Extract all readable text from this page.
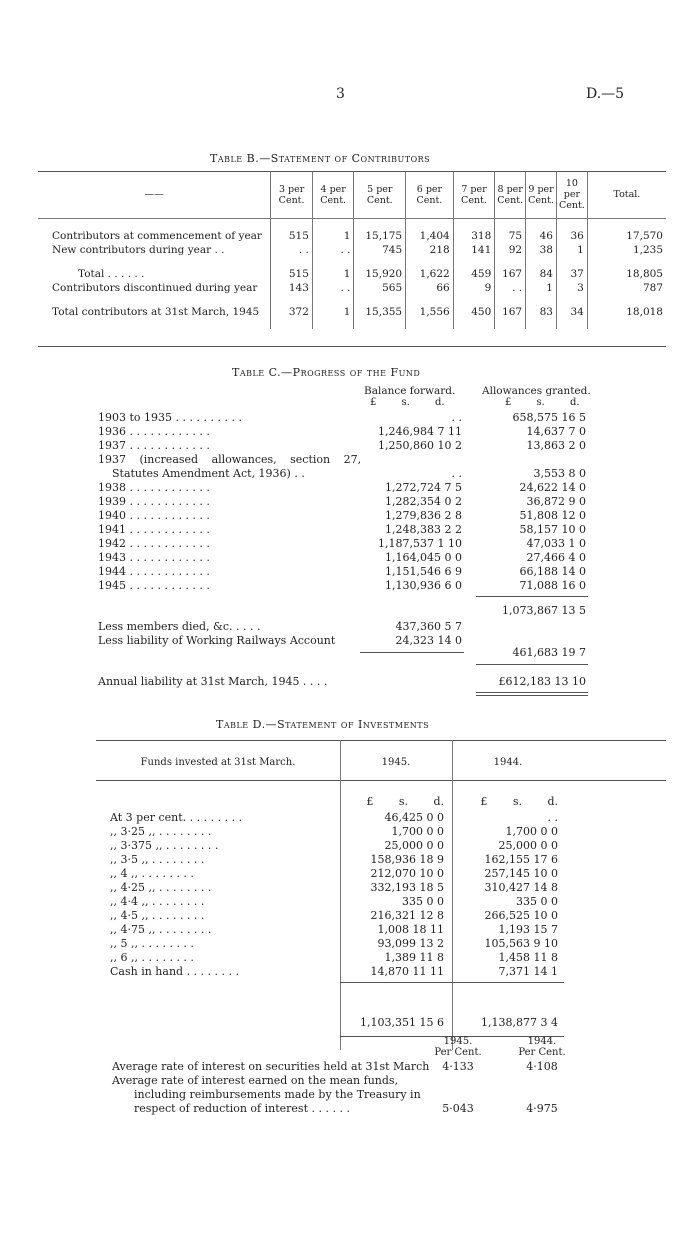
3	D.—5
Table B.—Statement of Contributors
——	3 per Cent.	4 per Cent.	5 per Cent.	6 per Cent.	7 per Cent.	8 per Cent.	9 per Cent.	10 per Cent.	Total.

Contributors at commencement of year	515	1	15,175	1,404	318	75	46	36	17,570
New contributors during year . .	. .	. .	745	218	141	92	38	1	1,235

Total . . . . . .	515	1	15,920	1,622	459	167	84	37	18,805
Contributors discontinued during year	143	. .	565	66	9	. .	1	3	787

Total contributors at 31st March, 1945	372	1	15,355	1,556	450	167	83	34	18,018

Table C.—Progress of the Fund
Balance forward.	Allowances granted.
£ s. d.	£ s. d.
1903 to 1935 . . . . . . . . . .	. .	658,575 16 5
1936 . . . . . . . . . . . .	1,246,984 7 11	14,637 7 0
1937 . . . . . . . . . . . .	1,250,860 10 2	13,863 2 0
1937 (increased allowances, section 27,
Statutes Amendment Act, 1936) . .	. .	3,553 8 0
1938 . . . . . . . . . . . .	1,272,724 7 5	24,622 14 0
1939 . . . . . . . . . . . .	1,282,354 0 2	36,872 9 0
1940 . . . . . . . . . . . .	1,279,836 2 8	51,808 12 0
1941 . . . . . . . . . . . .	1,248,383 2 2	58,157 10 0
1942 . . . . . . . . . . . .	1,187,537 1 10	47,033 1 0
1943 . . . . . . . . . . . .	1,164,045 0 0	27,466 4 0
1944 . . . . . . . . . . . .	1,151,546 6 9	66,188 14 0
1945 . . . . . . . . . . . .	1,130,936 6 0	71,088 16 0
1,073,867 13 5
Less members died, &c. . . . .	437,360 5 7
Less liability of Working Railways Account	24,323 14 0
461,683 19 7
Annual liability at 31st March, 1945 . . . .	£612,183 13 10
Table D.—Statement of Investments
Funds invested at 31st March.	1945.	1944.
£ s. d.	£ s. d.
At 3 per cent. . . . . . . . .	46,425 0 0	. .
,, 3·25 ,, . . . . . . . .	1,700 0 0	1,700 0 0
,, 3·375 ,, . . . . . . . .	25,000 0 0	25,000 0 0
,, 3·5 ,, . . . . . . . .	158,936 18 9	162,155 17 6
,, 4 ,, . . . . . . . .	212,070 10 0	257,145 10 0
,, 4·25 ,, . . . . . . . .	332,193 18 5	310,427 14 8
,, 4·4 ,, . . . . . . . .	335 0 0	335 0 0
,, 4·5 ,, . . . . . . . .	216,321 12 8	266,525 10 0
,, 4·75 ,, . . . . . . . .	1,008 18 11	1,193 15 7
,, 5 ,, . . . . . . . .	93,099 13 2	105,563 9 10
,, 6 ,, . . . . . . . .	1,389 11 8	1,458 11 8
Cash in hand . . . . . . . .	14,870 11 11	7,371 14 1
1,103,351 15 6	1,138,877 3 4
1945.	1944.
Per Cent.	Per Cent.
Average rate of interest on securities held at 31st March	4·133	4·108
Average rate of interest earned on the mean funds,
including reimbursements made by the Treasury in
respect of reduction of interest . . . . . .	5·043	4·975
